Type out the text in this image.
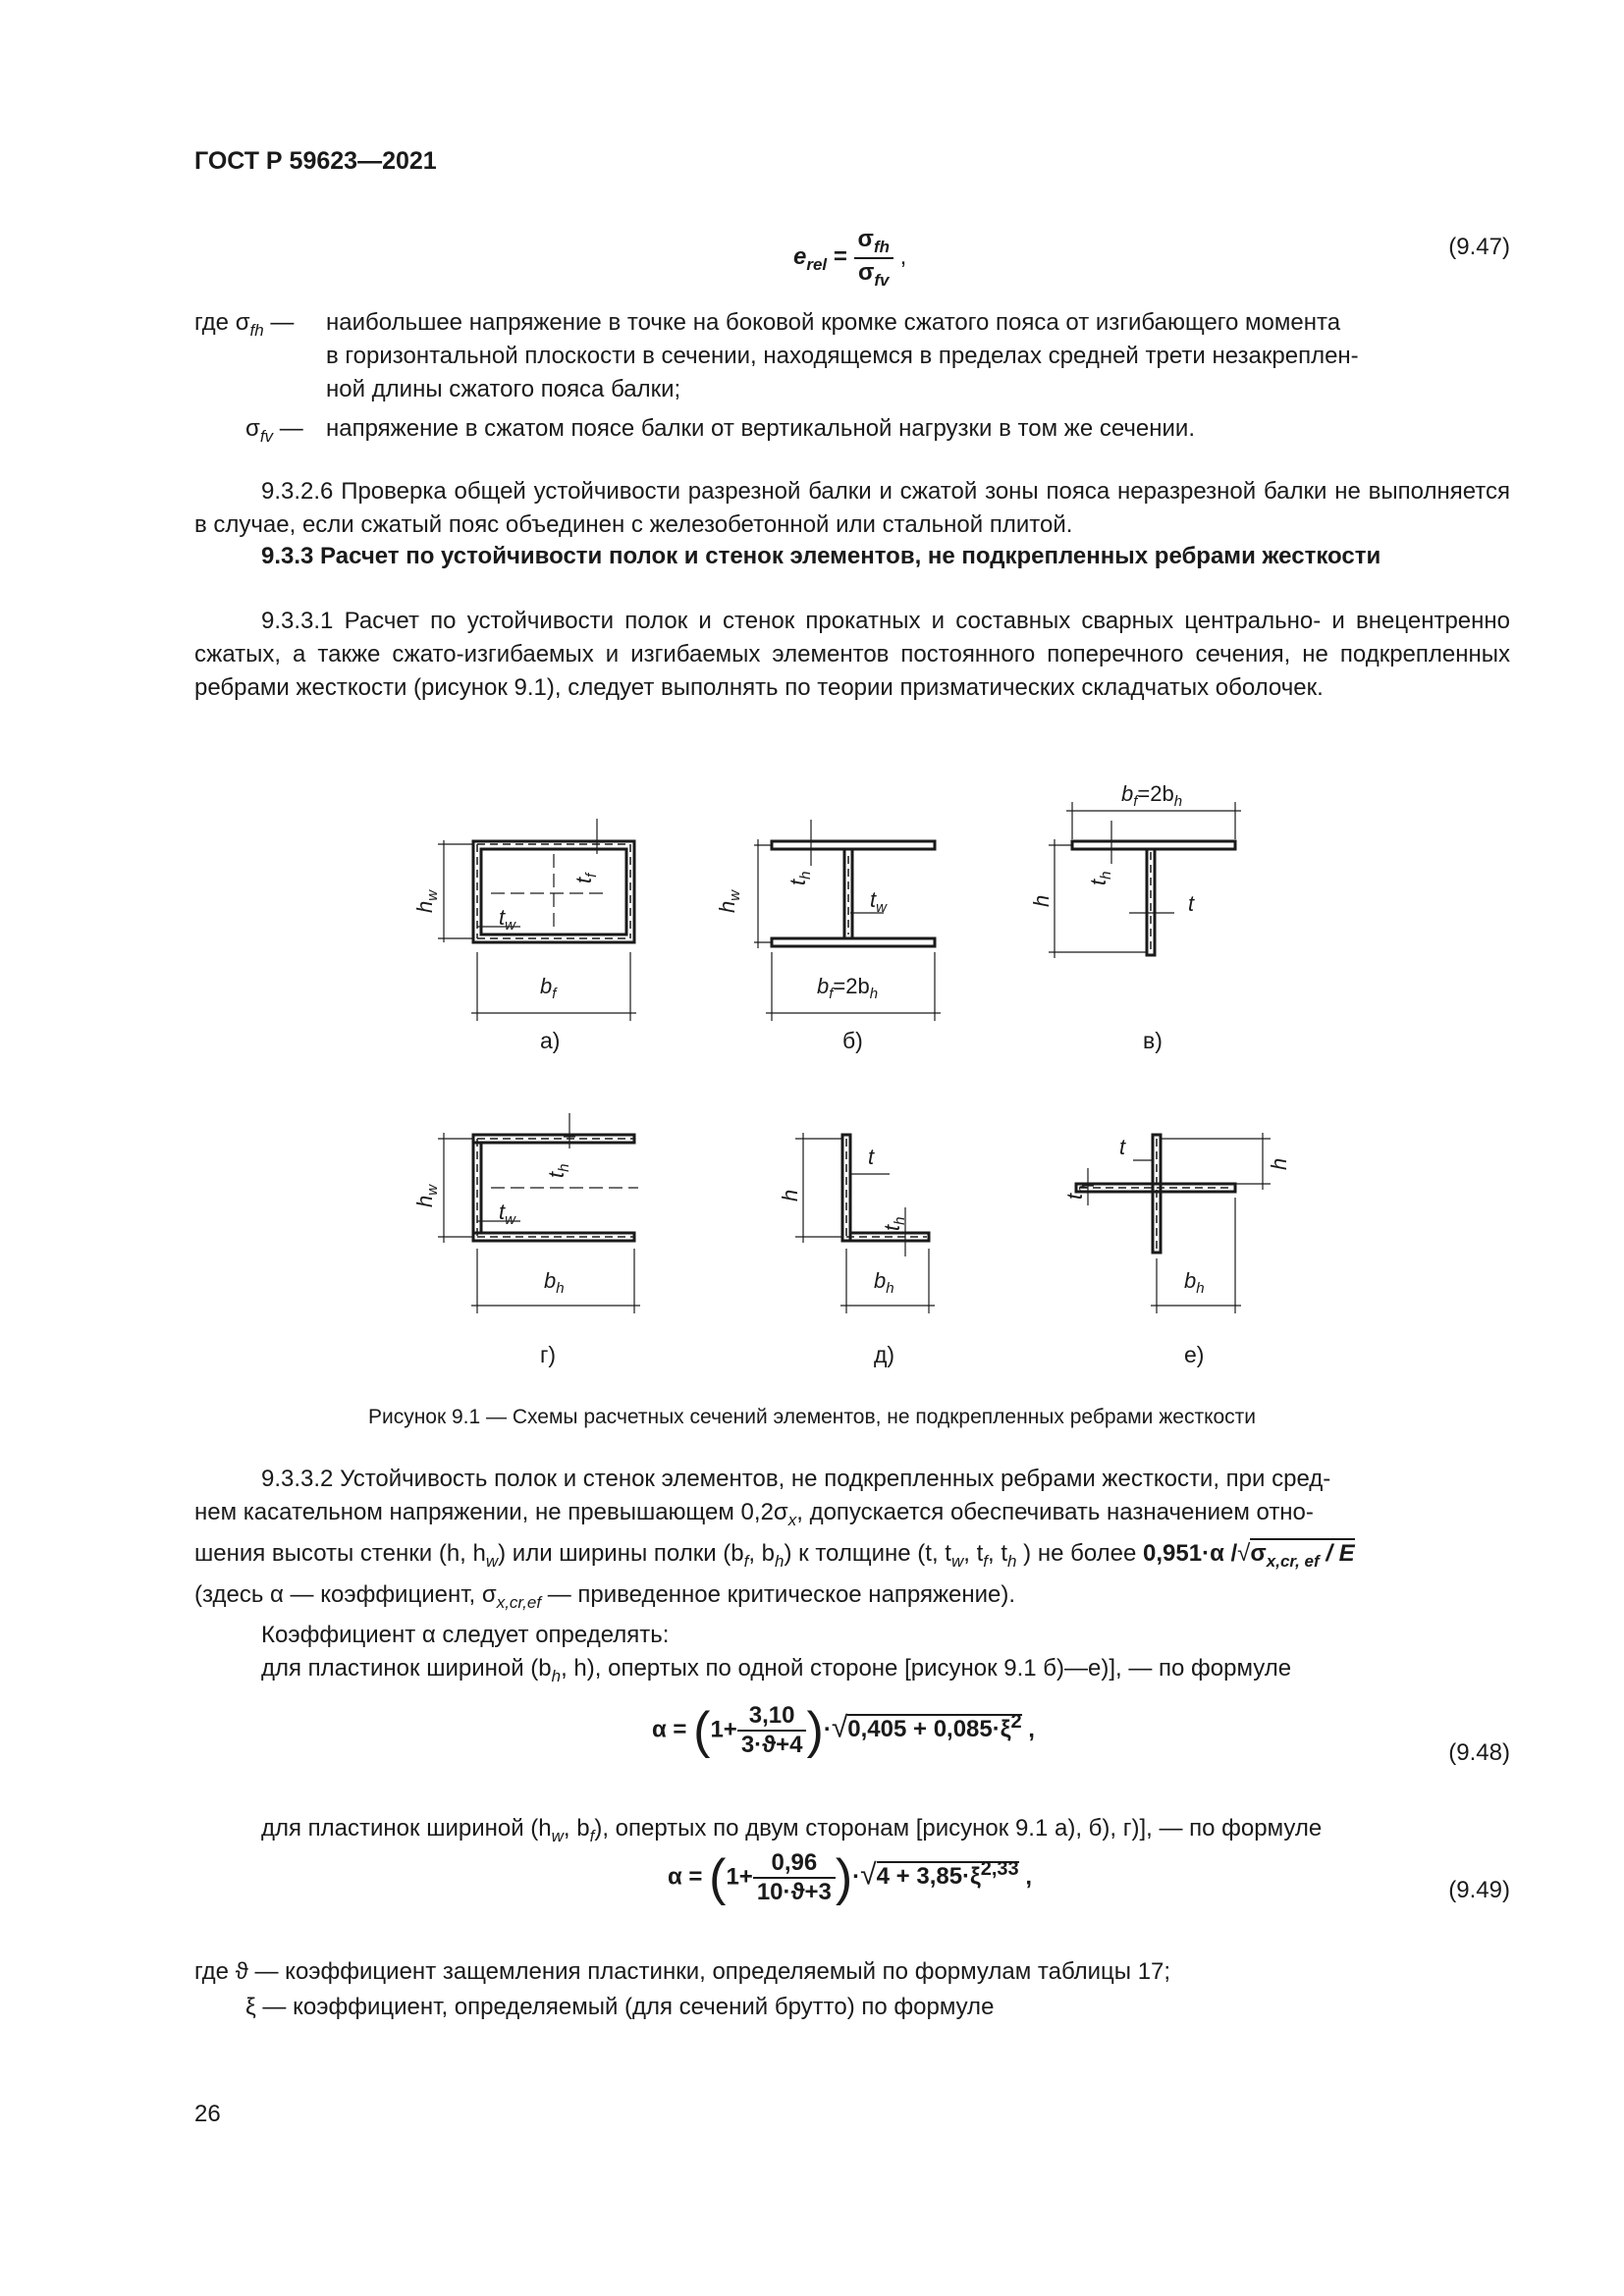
ГОСТ Р 59623—2021
$e_{rel} = \frac{\sigma_{fh}}{\sigma_{fv}}$ ,	(9.47)
где $\sigma_{fh}$ — наибольшее напряжение в точке на боковой кромке сжатого пояса от изгибающего момента
в горизонтальной плоскости в сечении, находящемся в пределах средней трети незакреплен-
ной длины сжатого пояса балки;
$\sigma_{fv}$ — напряжение в сжатом поясе балки от вертикальной нагрузки в том же сечении.
9.3.2.6 Проверка общей устойчивости разрезной балки и сжатой зоны пояса неразрезной балки не выполняется в случае, если сжатый пояс объединен с железобетонной или стальной плитой.
9.3.3 Расчет по устойчивости полок и стенок элементов, не подкрепленных ребрами жесткости
9.3.3.1 Расчет по устойчивости полок и стенок прокатных и составных сварных центрально- и внецентренно сжатых, а также сжато-изгибаемых и изгибаемых элементов постоянного поперечного сечения, не подкрепленных ребрами жесткости (рисунок 9.1), следует выполнять по теории призматических складчатых оболочек.
$h_w$
$t_w$
$t_f$
$b_f$
$h_w$
$t_h$
$t_w$
$b_f=2b_h$
$b_f=2b_h$
h
$t_h$
t
$h_w$
$t_h$
$t_w$
$b_h$
h
t
$t_h$
$b_h$
t
$t_h$
h
$b_h$
а)	б)	в)
г)	д)	е)
Рисунок 9.1 — Схемы расчетных сечений элементов, не подкрепленных ребрами жесткости
9.3.3.2 Устойчивость полок и стенок элементов, не подкрепленных ребрами жесткости, при сред-
нем касательном напряжении, не превышающем $0,2\sigma_x$, допускается обеспечивать назначением отно-
шения высоты стенки (h, $h_w$) или ширины полки ($b_f$, $b_h$) к толщине (t, $t_w$, $t_f$, $t_h$ ) не более 0,951·α $/√\sigma_{x,cr, ef}$ / E
(здесь α — коэффициент, $\sigma_{x,cr,ef}$ — приведенное критическое напряжение).
Коэффициент α следует определять:
для пластинок шириной ($b_h$, h), опертых по одной стороне [рисунок 9.1 б)—е)], — по формуле
$\alpha = (1+ \frac{3,10}{3\cdot ϑ+4} )\cdot√0,405 + 0,085\cdot\xi^2$ ,
(9.48)
для пластинок шириной ($h_w$, $b_f$), опертых по двум сторонам [рисунок 9.1 а), б), г)], — по формуле
$\alpha = (1+ \frac{0,96}{10\cdot ϑ+3} )\cdot√4 + 3,85\cdot\xi^{2,33}$ ,
(9.49)
где ϑ — коэффициент защемления пластинки, определяемый по формулам таблицы 17;
ξ — коэффициент, определяемый (для сечений брутто) по формуле
26
